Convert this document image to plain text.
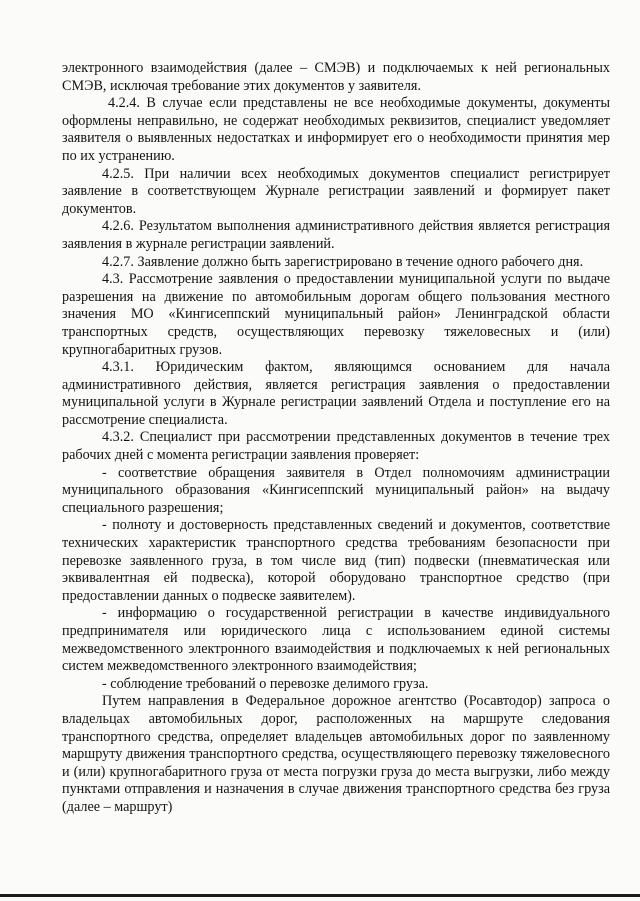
электронного взаимодействия (далее – СМЭВ) и подключаемых к ней региональных СМЭВ, исключая требование этих документов у заявителя.

4.2.4. В случае если представлены не все необходимые документы, документы оформлены неправильно, не содержат необходимых реквизитов, специалист уведомляет заявителя о выявленных недостатках и информирует его о необходимости принятия мер по их устранению.

4.2.5. При наличии всех необходимых документов специалист регистрирует заявление в соответствующем Журнале регистрации заявлений и формирует пакет документов.

4.2.6. Результатом выполнения административного действия является регистрация заявления в журнале регистрации заявлений.

4.2.7. Заявление должно быть зарегистрировано в течение одного рабочего дня.

4.3. Рассмотрение заявления о предоставлении муниципальной услуги по выдаче разрешения на движение по автомобильным дорогам общего пользования местного значения МО «Кингисеппский муниципальный район» Ленинградской области транспортных средств, осуществляющих перевозку тяжеловесных и (или) крупногабаритных грузов.

4.3.1. Юридическим фактом, являющимся основанием для начала административного действия, является регистрация заявления о предоставлении муниципальной услуги в Журнале регистрации заявлений Отдела и поступление его на рассмотрение специалиста.

4.3.2. Специалист при рассмотрении представленных документов в течение трех рабочих дней с момента регистрации заявления проверяет:

- соответствие обращения заявителя в Отдел полномочиям администрации муниципального образования «Кингисеппский муниципальный район» на выдачу специального разрешения;

- полноту и достоверность представленных сведений и документов, соответствие технических характеристик транспортного средства требованиям безопасности при перевозке заявленного груза, в том числе вид (тип) подвески (пневматическая или эквивалентная ей подвеска), которой оборудовано транспортное средство (при предоставлении данных о подвеске заявителем).

- информацию о государственной регистрации в качестве индивидуального предпринимателя или юридического лица с использованием единой системы межведомственного электронного взаимодействия и подключаемых к ней региональных систем межведомственного электронного взаимодействия;

- соблюдение требований о перевозке делимого груза.

Путем направления в Федеральное дорожное агентство (Росавтодор) запроса о владельцах автомобильных дорог, расположенных на маршруте следования транспортного средства, определяет владельцев автомобильных дорог по заявленному маршруту движения транспортного средства, осуществляющего перевозку тяжеловесного и (или) крупногабаритного груза от места погрузки груза до места выгрузки, либо между пунктами отправления и назначения в случае движения транспортного средства без груза (далее – маршрут)
